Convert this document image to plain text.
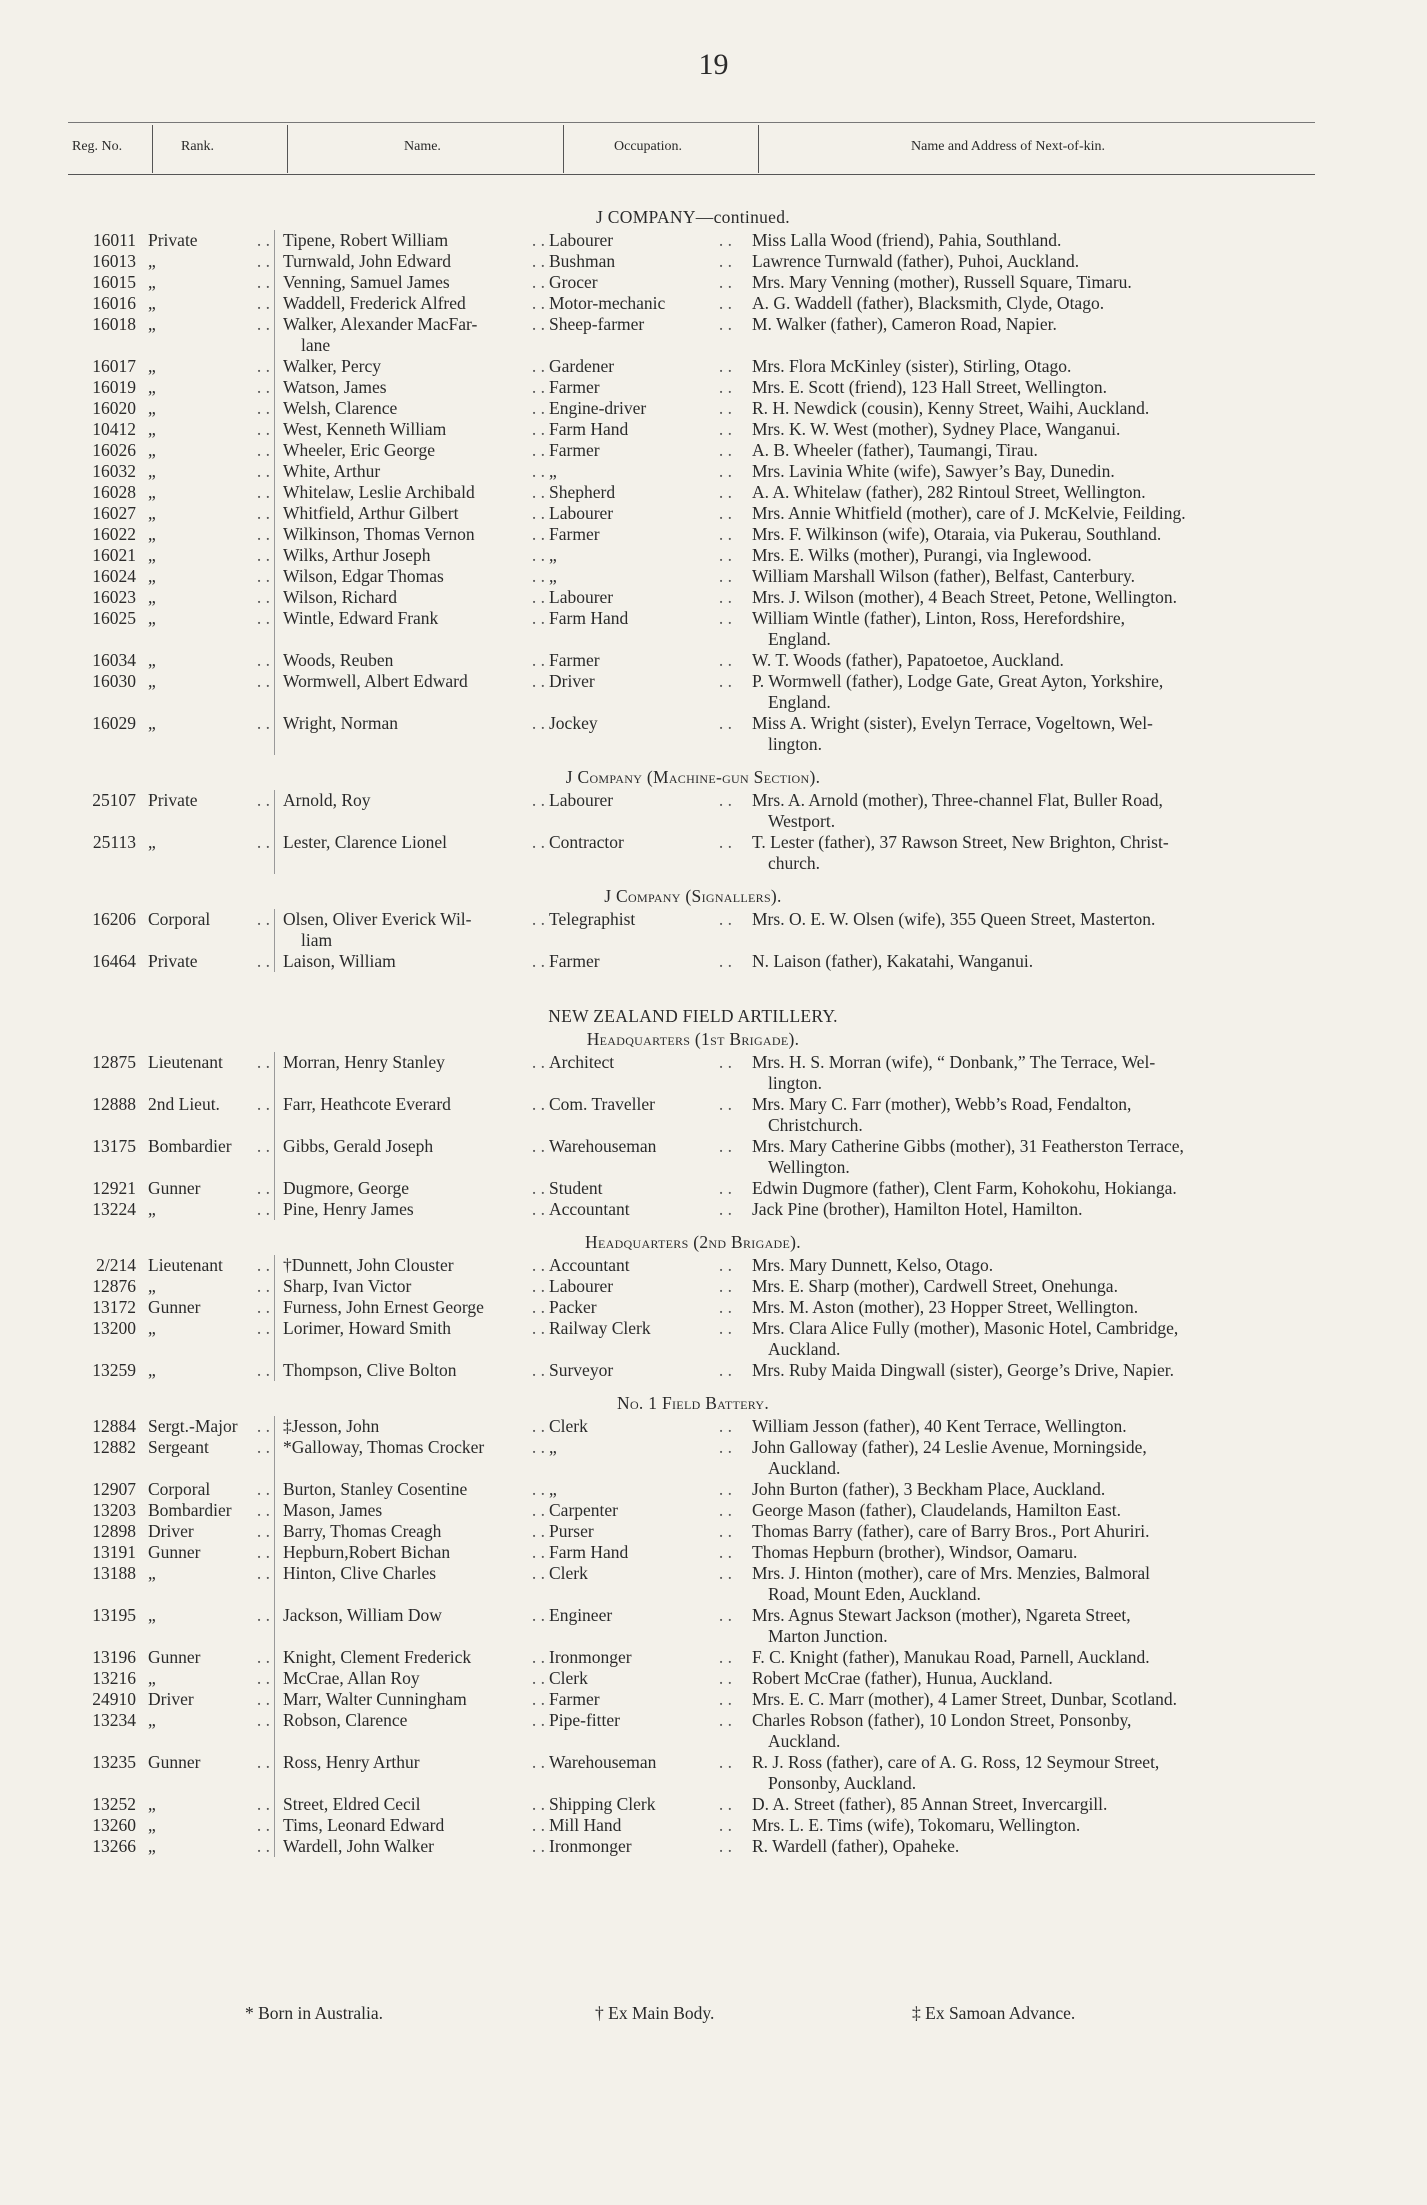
19
Reg. No.	Rank.	Name.	Occupation.	Name and Address of Next-of-kin.
J COMPANY—continued.
16011 Private	. . Tipene, Robert William	. . Labourer	. .	Miss Lalla Wood (friend), Pahia, Southland.
16013 „	. . Turnwald, John Edward	. . Bushman	. .	Lawrence Turnwald (father), Puhoi, Auckland.
16015 „	. . Venning, Samuel James	. . Grocer	. .	Mrs. Mary Venning (mother), Russell Square, Timaru.
16016 „	. . Waddell, Frederick Alfred	. . Motor-mechanic	. .	A. G. Waddell (father), Blacksmith, Clyde, Otago.
16018 „	. . Walker, Alexander MacFar-	. . Sheep-farmer	. .	M. Walker (father), Cameron Road, Napier.
lane
16017 „	. . Walker, Percy	. . Gardener	. .	Mrs. Flora McKinley (sister), Stirling, Otago.
16019 „	. . Watson, James	. . Farmer	. .	Mrs. E. Scott (friend), 123 Hall Street, Wellington.
16020 „	. . Welsh, Clarence	. . Engine-driver	. .	R. H. Newdick (cousin), Kenny Street, Waihi, Auckland.
10412 „	. . West, Kenneth William	. . Farm Hand	. .	Mrs. K. W. West (mother), Sydney Place, Wanganui.
16026 „	. . Wheeler, Eric George	. . Farmer	. .	A. B. Wheeler (father), Taumangi, Tirau.
16032 „	. . White, Arthur	. . „	. .	Mrs. Lavinia White (wife), Sawyer’s Bay, Dunedin.
16028 „	. . Whitelaw, Leslie Archibald	. . Shepherd	. .	A. A. Whitelaw (father), 282 Rintoul Street, Wellington.
16027 „	. . Whitfield, Arthur Gilbert	. . Labourer	. .	Mrs. Annie Whitfield (mother), care of J. McKelvie, Feilding.
16022 „	. . Wilkinson, Thomas Vernon	. . Farmer	. .	Mrs. F. Wilkinson (wife), Otaraia, via Pukerau, Southland.
16021 „	. . Wilks, Arthur Joseph	. . „	. .	Mrs. E. Wilks (mother), Purangi, via Inglewood.
16024 „	. . Wilson, Edgar Thomas	. . „	. .	William Marshall Wilson (father), Belfast, Canterbury.
16023 „	. . Wilson, Richard	. . Labourer	. .	Mrs. J. Wilson (mother), 4 Beach Street, Petone, Wellington.
16025 „	. . Wintle, Edward Frank	. . Farm Hand	. .	William Wintle (father), Linton, Ross, Herefordshire,
England.
16034 „	. . Woods, Reuben	. . Farmer	. .	W. T. Woods (father), Papatoetoe, Auckland.
16030 „	. . Wormwell, Albert Edward	. . Driver	. .	P. Wormwell (father), Lodge Gate, Great Ayton, Yorkshire,
England.
16029 „	. . Wright, Norman	. . Jockey	. .	Miss A. Wright (sister), Evelyn Terrace, Vogeltown, Wel-
lington.
J Company (Machine-gun Section).
25107 Private	. . Arnold, Roy	. . Labourer	. .	Mrs. A. Arnold (mother), Three-channel Flat, Buller Road,
Westport.
25113 „	. . Lester, Clarence Lionel	. . Contractor	. .	T. Lester (father), 37 Rawson Street, New Brighton, Christ-
church.
J Company (Signallers).
16206 Corporal	. . Olsen, Oliver Everick Wil-	. . Telegraphist	. .	Mrs. O. E. W. Olsen (wife), 355 Queen Street, Masterton.
liam
16464 Private	. . Laison, William	. . Farmer	. .	N. Laison (father), Kakatahi, Wanganui.
NEW ZEALAND FIELD ARTILLERY.
Headquarters (1st Brigade).
12875 Lieutenant	. . Morran, Henry Stanley	. . Architect	. .	Mrs. H. S. Morran (wife), “ Donbank,” The Terrace, Wel-
lington.
12888 2nd Lieut.	. . Farr, Heathcote Everard	. . Com. Traveller	. .	Mrs. Mary C. Farr (mother), Webb’s Road, Fendalton,
Christchurch.
13175 Bombardier	. . Gibbs, Gerald Joseph	. . Warehouseman	. .	Mrs. Mary Catherine Gibbs (mother), 31 Featherston Terrace,
Wellington.
12921 Gunner	. . Dugmore, George	. . Student	. .	Edwin Dugmore (father), Clent Farm, Kohokohu, Hokianga.
13224 „	. . Pine, Henry James	. . Accountant	. .	Jack Pine (brother), Hamilton Hotel, Hamilton.
Headquarters (2nd Brigade).
2/214 Lieutenant	. . †Dunnett, John Clouster	. . Accountant	. .	Mrs. Mary Dunnett, Kelso, Otago.
12876 „	. . Sharp, Ivan Victor	. . Labourer	. .	Mrs. E. Sharp (mother), Cardwell Street, Onehunga.
13172 Gunner	. . Furness, John Ernest George	. . Packer	. .	Mrs. M. Aston (mother), 23 Hopper Street, Wellington.
13200 „	. . Lorimer, Howard Smith	. . Railway Clerk	. .	Mrs. Clara Alice Fully (mother), Masonic Hotel, Cambridge,
Auckland.
13259 „	. . Thompson, Clive Bolton	. . Surveyor	. .	Mrs. Ruby Maida Dingwall (sister), George’s Drive, Napier.
No. 1 Field Battery.
12884 Sergt.-Major	. . ‡Jesson, John	. . Clerk	. .	William Jesson (father), 40 Kent Terrace, Wellington.
12882 Sergeant	. . *Galloway, Thomas Crocker	. . „	. .	John Galloway (father), 24 Leslie Avenue, Morningside,
Auckland.
12907 Corporal	. . Burton, Stanley Cosentine	. . „	. .	John Burton (father), 3 Beckham Place, Auckland.
13203 Bombardier	. . Mason, James	. . Carpenter	. .	George Mason (father), Claudelands, Hamilton East.
12898 Driver	. . Barry, Thomas Creagh	. . Purser	. .	Thomas Barry (father), care of Barry Bros., Port Ahuriri.
13191 Gunner	. . Hepburn,Robert Bichan	. . Farm Hand	. .	Thomas Hepburn (brother), Windsor, Oamaru.
13188 „	. . Hinton, Clive Charles	. . Clerk	. .	Mrs. J. Hinton (mother), care of Mrs. Menzies, Balmoral
Road, Mount Eden, Auckland.
13195 „	. . Jackson, William Dow	. . Engineer	. .	Mrs. Agnus Stewart Jackson (mother), Ngareta Street,
Marton Junction.
13196 Gunner	. . Knight, Clement Frederick	. . Ironmonger	. .	F. C. Knight (father), Manukau Road, Parnell, Auckland.
13216 „	. . McCrae, Allan Roy	. . Clerk	. .	Robert McCrae (father), Hunua, Auckland.
24910 Driver	. . Marr, Walter Cunningham	. . Farmer	. .	Mrs. E. C. Marr (mother), 4 Lamer Street, Dunbar, Scotland.
13234 „	. . Robson, Clarence	. . Pipe-fitter	. .	Charles Robson (father), 10 London Street, Ponsonby,
Auckland.
13235 Gunner	. . Ross, Henry Arthur	. . Warehouseman	. .	R. J. Ross (father), care of A. G. Ross, 12 Seymour Street,
Ponsonby, Auckland.
13252 „	. . Street, Eldred Cecil	. . Shipping Clerk	. .	D. A. Street (father), 85 Annan Street, Invercargill.
13260 „	. . Tims, Leonard Edward	. . Mill Hand	. .	Mrs. L. E. Tims (wife), Tokomaru, Wellington.
13266 „	. . Wardell, John Walker	. . Ironmonger	. .	R. Wardell (father), Opaheke.
* Born in Australia.	† Ex Main Body.	‡ Ex Samoan Advance.
